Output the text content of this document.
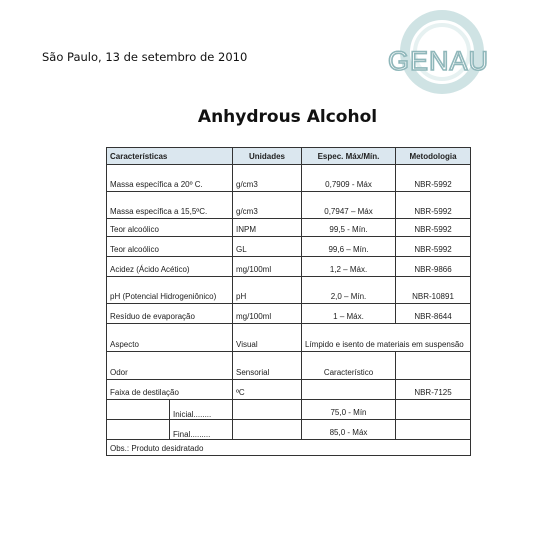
São Paulo, 13 de setembro de 2010	GENAU
Anhydrous Alcohol
Características	Unidades	Espec. Máx/Mín.	Metodologia
Massa específica a 20º C.	g/cm3	0,7909 - Máx	NBR-5992
Massa específica a 15,5ºC.	g/cm3	0,7947 – Máx	NBR-5992
Teor alcoólico	INPM	99,5 - Mín.	NBR-5992
Teor alcoólico	GL	99,6 – Mín.	NBR-5992
Acidez (Ácido Acético)	mg/100ml	1,2 – Máx.	NBR-9866
pH (Potencial Hidrogeniônico)	pH	2,0 – Mín.	NBR-10891
Resíduo de evaporação	mg/100ml	1 – Máx.	NBR-8644
Aspecto	Visual	Límpido e isento de materiais em suspensão	
Odor	Sensorial	Característico	
Faixa de destilação	ºC		NBR-7125

Inicial........		75,0 - Mín	

Final.........		85,0 - Máx	
Obs.: Produto desidratado			
